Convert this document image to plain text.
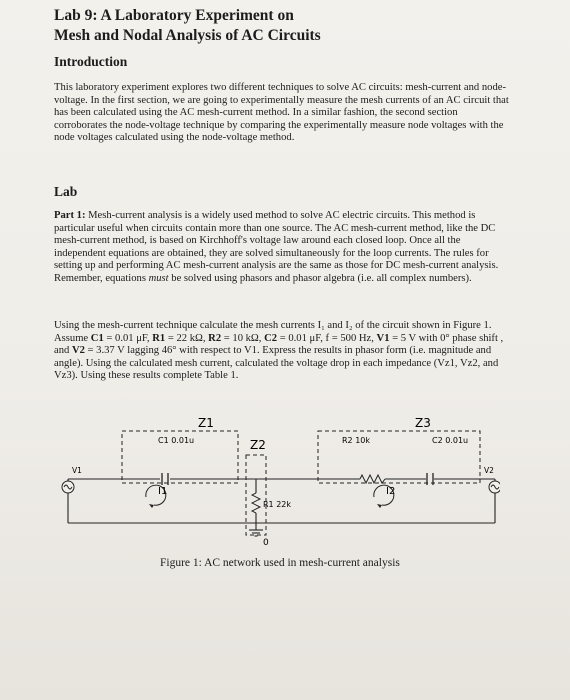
Lab 9: A Laboratory Experiment on
Mesh and Nodal Analysis of AC Circuits
Introduction
This laboratory experiment explores two different techniques to solve AC circuits: mesh-current and node-voltage. In the first section, we are going to experimentally measure the mesh currents of an AC circuit that has been calculated using the AC mesh-current method. In a similar fashion, the second section corroborates the node-voltage technique by comparing the experimentally measure node voltages with the node voltages calculated using the node-voltage method.
Lab
Part 1: Mesh-current analysis is a widely used method to solve AC electric circuits. This method is particular useful when circuits contain more than one source. The AC mesh-current method, like the DC mesh-current method, is based on Kirchhoff's voltage law around each closed loop. Once all the independent equations are obtained, they are solved simultaneously for the loop currents. The rules for setting up and performing AC mesh-current analysis are the same as those for DC mesh-current analysis. Remember, equations must be solved using phasors and phasor algebra (i.e. all complex numbers).
Using the mesh-current technique calculate the mesh currents I₁ and I₂ of the circuit shown in Figure 1. Assume C1 = 0.01 μF, R1 = 22 kΩ, R2 = 10 kΩ, C2 = 0.01 μF, f = 500 Hz, V1 = 5 V with 0° phase shift , and V2 = 3.37 V lagging 46° with respect to V1. Express the results in phasor form (i.e. magnitude and angle). Using the calculated mesh current, calculated the voltage drop in each impedance (Vz1, Vz2, and Vz3). Using these results complete Table 1.
Z1
C1 0.01u	Z2
R1 22k
0
Z3
R2 10k	C2 0.01u
V1	V2
I1	I2
Figure 1: AC network used in mesh-current analysis
